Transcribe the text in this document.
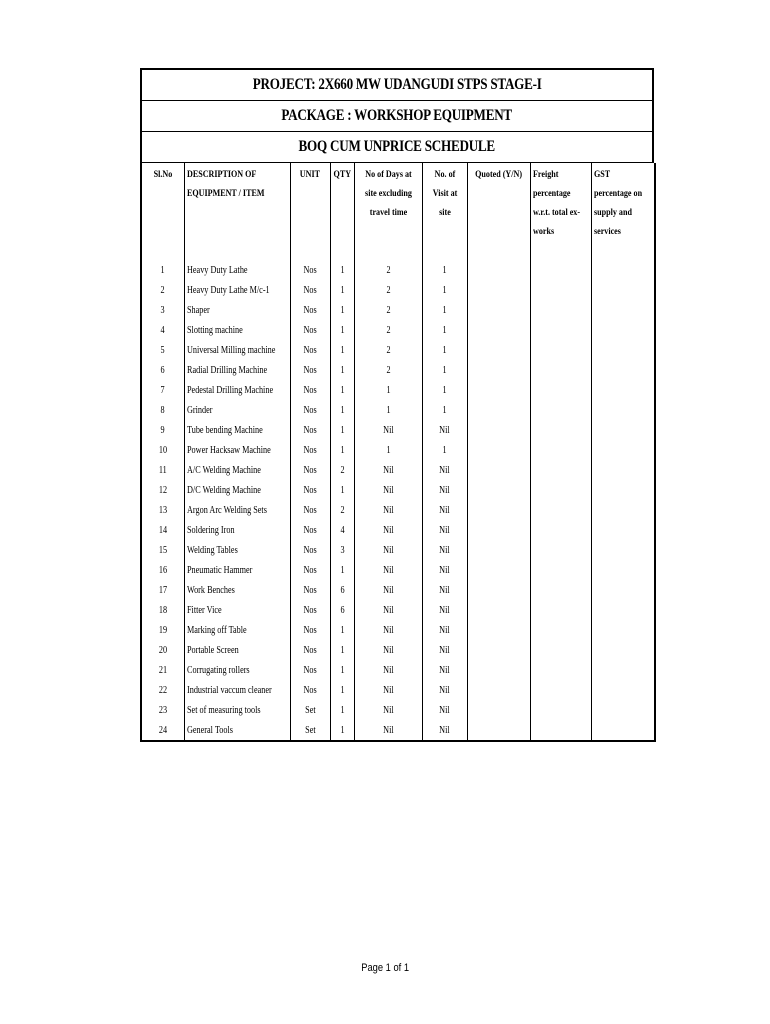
PROJECT: 2X660 MW UDANGUDI STPS STAGE-I
PACKAGE : WORKSHOP EQUIPMENT
BOQ CUM UNPRICE SCHEDULE
Sl.No	DESCRIPTION OF EQUIPMENT / ITEM	UNIT	QTY	No of Days at site excluding travel time	No. of Visit at site	Quoted (Y/N)	Freight percentage w.r.t. total ex-works	GST percentage on supply and services
1	Heavy Duty Lathe	Nos	1	2	1			
2	Heavy Duty Lathe M/c-1	Nos	1	2	1			
3	Shaper	Nos	1	2	1			
4	Slotting machine	Nos	1	2	1			
5	Universal Milling machine	Nos	1	2	1			
6	Radial Drilling Machine	Nos	1	2	1			
7	Pedestal Drilling Machine	Nos	1	1	1			
8	Grinder	Nos	1	1	1			
9	Tube bending Machine	Nos	1	Nil	Nil			
10	Power Hacksaw Machine	Nos	1	1	1			
11	A/C Welding Machine	Nos	2	Nil	Nil			
12	D/C Welding Machine	Nos	1	Nil	Nil			
13	Argon Arc Welding Sets	Nos	2	Nil	Nil			
14	Soldering Iron	Nos	4	Nil	Nil			
15	Welding Tables	Nos	3	Nil	Nil			
16	Pneumatic Hammer	Nos	1	Nil	Nil			
17	Work Benches	Nos	6	Nil	Nil			
18	Fitter Vice	Nos	6	Nil	Nil			
19	Marking off Table	Nos	1	Nil	Nil			
20	Portable Screen	Nos	1	Nil	Nil			
21	Corrugating rollers	Nos	1	Nil	Nil			
22	Industrial vaccum cleaner	Nos	1	Nil	Nil			
23	Set of measuring tools	Set	1	Nil	Nil			
24	General Tools	Set	1	Nil	Nil			
Page 1 of 1
